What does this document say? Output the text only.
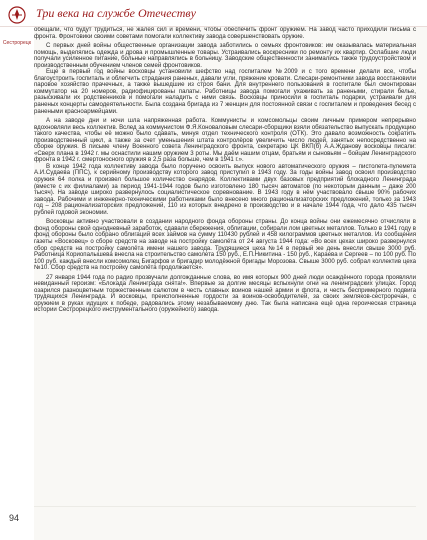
Три века на службе Отечеству
Сестрорецк

обещали, что будут трудиться, не жалея сил и времени, чтобы обеспечить фронт оружием. На завод часто приходили письма с фронта. Фронтовики своими советами помогали коллективу завода совершенствовать оружие.

С первых дней войны общественные организации завода заботились о семьях фронтовиков: им оказывалась материальная помощь, выделялись одежда и дрова и промышленные товары. Устраивались воскресники по ремонту их квартир. Ослабшие люди получали усиленное питание, больные направлялись в больницу. Заводские общественности занимались также трудоустройством и производственным обучением членов семей фронтовиков.

Еще в первый год войны восковцы установили шефство над госпиталем №2009 и с того времени делали все, чтобы благоустроить госпиталь и облегчить страдания раненых, давали угли, пряжение кровати. Слесари-ремонтники завода восстановили паровое хозяйство прачечных, а также вышедшие из строя бани. Для внутреннего пользования в госпитале был смонтирован коммутатор на 20 номеров, радиофицированы палаты. Работницы завода помогали ухаживать за ранеными, стирали белье, разыскивали их родственников и помогали наладить с ними связь. Восковцы приносили в госпиталь подарки, устраивали для раненых концерты самодеятельности. Была создана бригада из 7 женщин для постоянной связи с госпиталем и проведения бесед с ранеными красноармейцами.

А на заводе дни и ночи шла напряженная работа. Коммунисты и комсомольцы своим личным примером непрерывно вдохновляли весь коллектив. Вслед за коммунистом Ф.Я.Коноваловым слесари-сборщики взяли обязательство выпускать продукцию такого качества, чтобы её можно было сдавать, минуя отдел технического контроля (ОТК). Это давало возможность сократить производственный цикл, а также за счет уменьшения штата контролёров увеличить число людей, занятых непосредственно на сборке оружия. В письме члену Военного совета Ленинградского фронта, секретарю ЦК ВКП(б) А.А.Жданову восковцы писали: «Сверх плана в 1942 г. мы оснастили нашим оружием 3 роты. Мы даём нашим отцам, братьям и сыновьям – бойцам Ленинградского фронта в 1942 г. смертоносного оружия в 2,5 раза больше, чем в 1941 г.».

В конце 1942 года коллективу завода было поручено освоить выпуск нового автоматического оружия – пистолета-пулемета А.И.Судаева (ППС), к серийному производству которого завод приступил в 1943 году. За годы войны завод освоил производство оружия 64 полка и произвел большое количество снарядов. Коллективами двух базовых предприятий блокадного Ленинграда (вместе с их филиалами) за период 1941-1944 годов было изготовлено 180 тысяч автоматов (по некоторым данным – даже 200 тысяч). На заводе широко развернулось социалистическое соревнование. В 1943 году в нём участвовало свыше 90% рабочих завода. Рабочими и инженерно-техническими работниками было внесено много рационализаторских предложений, только за 1943 год – 208 рационализаторских предложений, 110 из которых внедрено в производство и в начале 1944 года, что дало 435 тысяч рублей годовой экономии.

Восковцы активно участвовали в создании народного фонда обороны страны. До конца войны они ежемесячно отчисляли в фонд обороны свой однодневный заработок, сдавали сбережения, облигации, собирали лом цветных металлов. Только в 1941 году в фонд обороны было собрано облигаций всех займов на сумму 110430 рублей и 458 килограммов цветных металлов. Из сообщения газеты «Восковец» о сборе средств на заводе на постройку самолёта от 24 августа 1944 года: «Во всех цехах широко развернулся сбор средств на постройку самолёта имени нашего завода. Трудящиеся цеха №14 в первый же день внесли свыше 3000 руб. Работница Кориопалышева внесла на строительство самолета 150 руб., Е.П.Никитина - 150 руб., Караева и Сергеев – по 100 руб. По 100 руб. каждый внесли комсомолец Бигарфов и бригадир молодёжной бригады Морозова. Свыше 3000 руб. собрал коллектив цеха №10. Сбор средств на постройку самолёта продолжается».

27 января 1944 года по радио прозвучали долгожданные слова, во имя которых 900 дней люди осаждённого города проявляли невиданный героизм: «Блокада Ленинграда снята!». Впервые за долгие месяцы вспыхнули огни на ленинградских улицах. Город озарился разноцветным торжественным салютом в честь славных воинов нашей армии и флота, и честь беспримерного подвига трудящихся Ленинграда. И восковцы, преисполненные гордости за воинов-освободителей, за своих земляков-сестроречан, с оружием в руках идущих к победе, радовались этому незабываемому дню. Так была написана ещё одна героическая страница истории Сестрорецкого инструментального (оружейного) завода.

94
